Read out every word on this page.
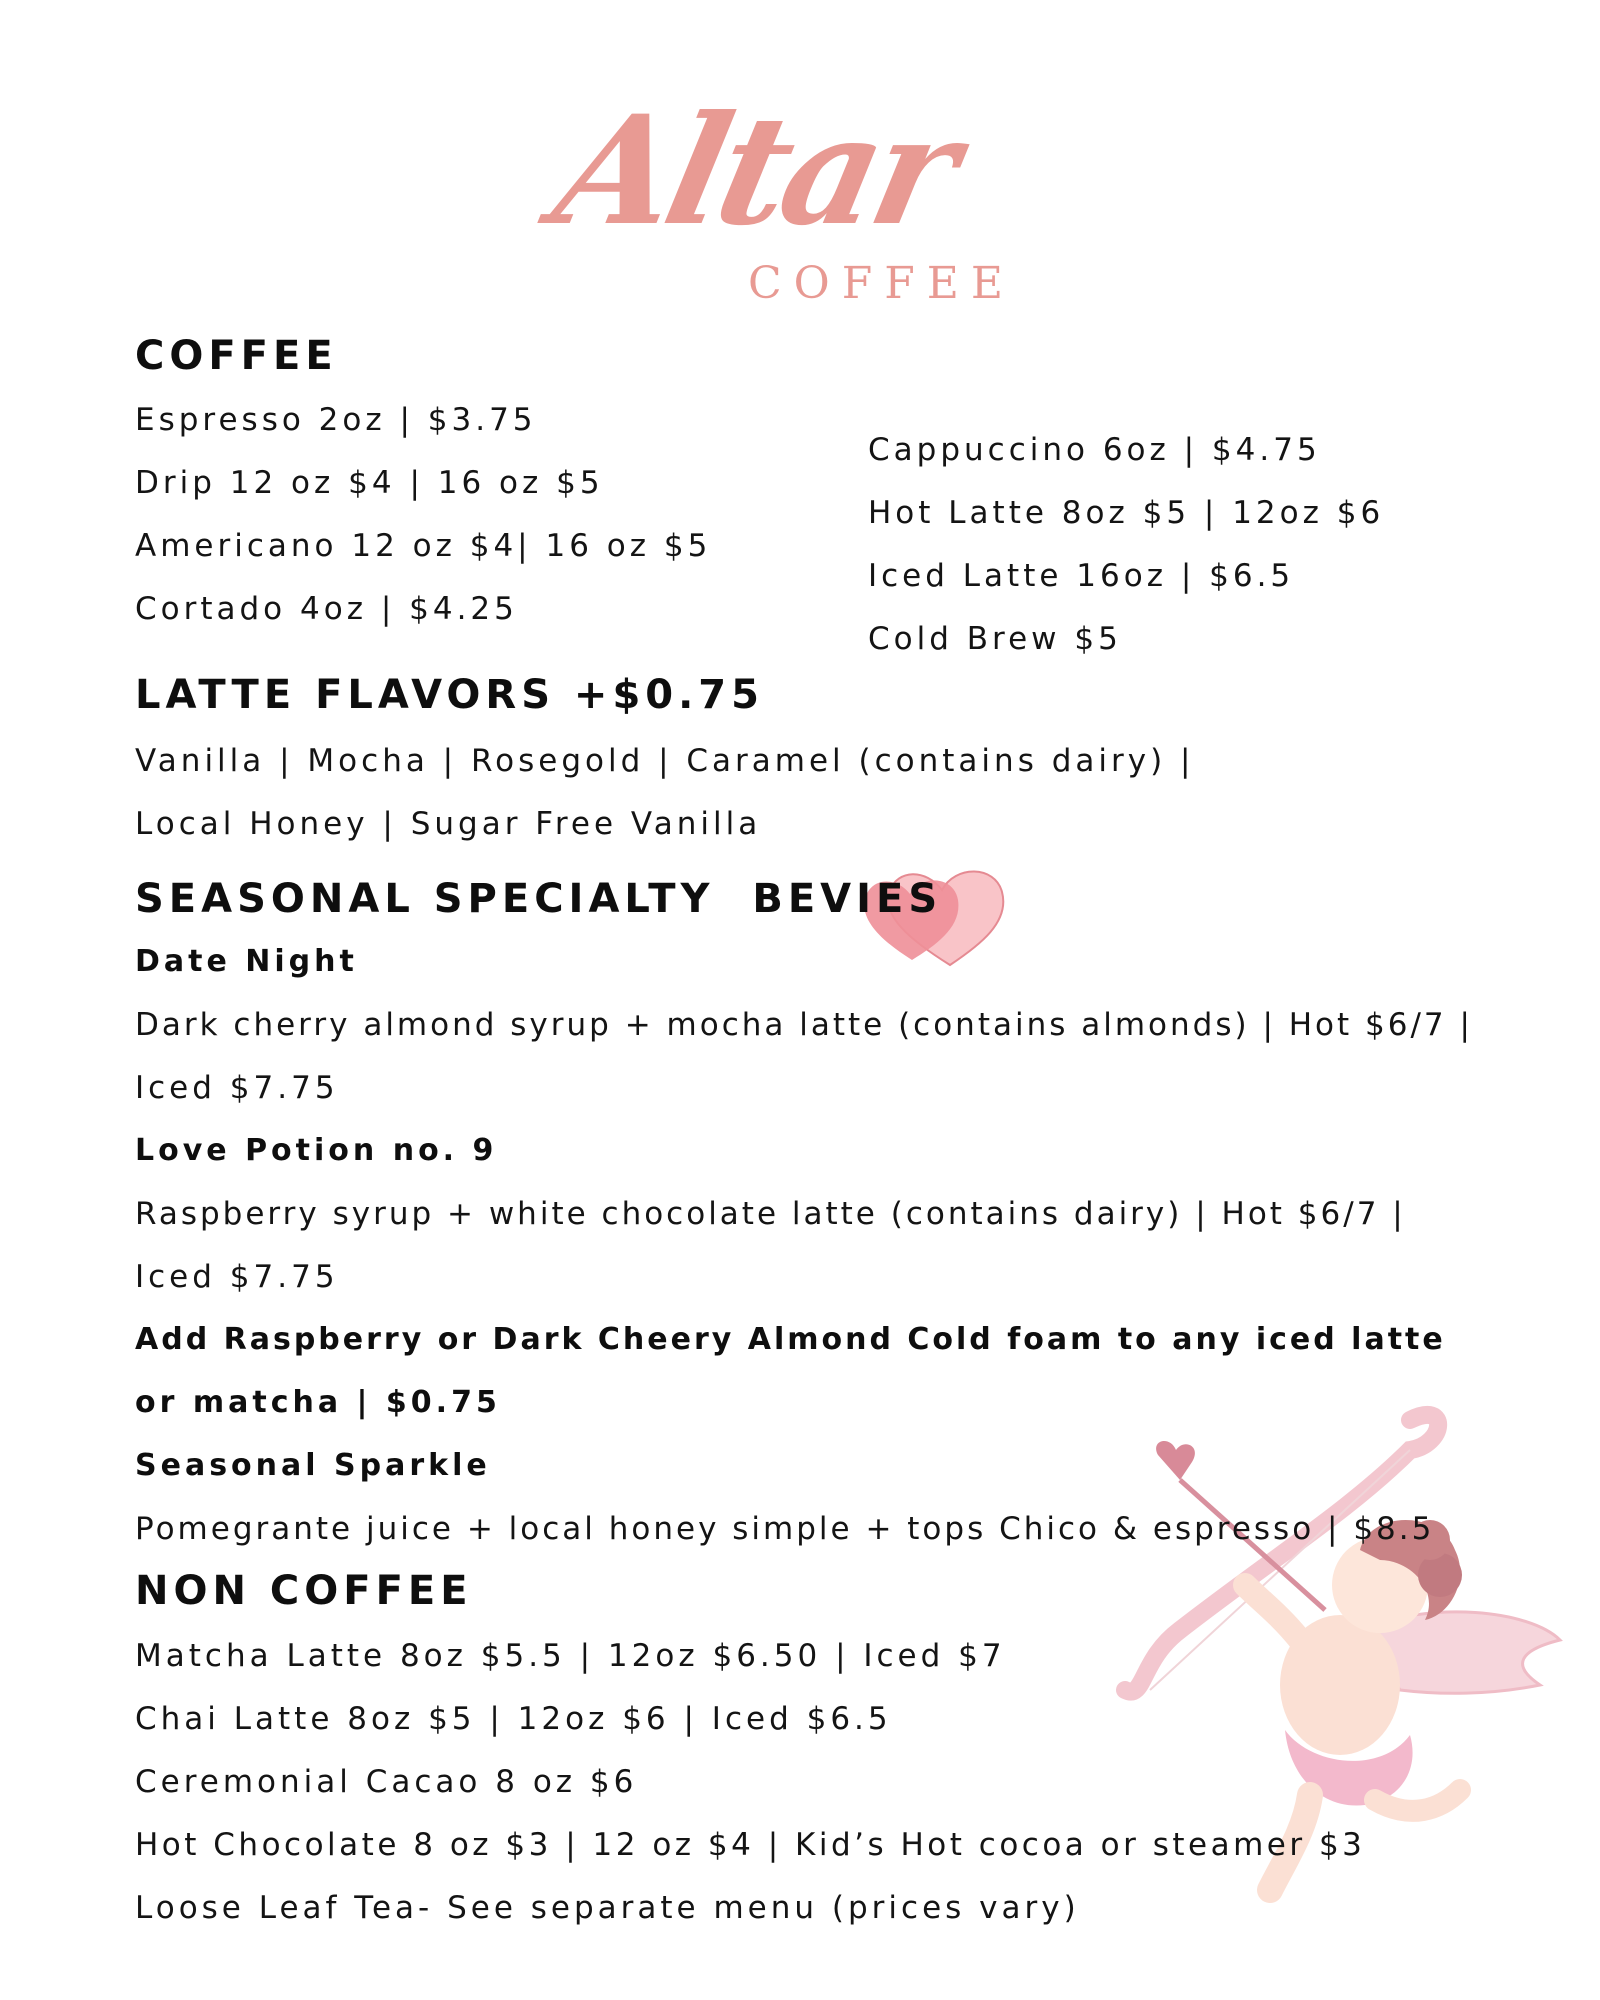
Altar
COFFEE
COFFEE

Espresso 2oz | $3.75

Drip 12 oz $4 | 16 oz $5

Americano 12 oz $4| 16 oz $5

Cortado 4oz | $4.25

Cappuccino 6oz | $4.75

Hot Latte 8oz $5 | 12oz $6

Iced Latte 16oz | $6.5

Cold Brew $5

LATTE FLAVORS +$0.75

Vanilla | Mocha | Rosegold | Caramel (contains dairy) |

Local Honey | Sugar Free Vanilla

SEASONAL SPECIALTY  BEVIES

Date Night

Dark cherry almond syrup + mocha latte (contains almonds) | Hot $6/7 |

Iced $7.75

Love Potion no. 9

Raspberry syrup + white chocolate latte (contains dairy) | Hot $6/7 |

Iced $7.75

Add Raspberry or Dark Cheery Almond Cold foam to any iced latte

or matcha | $0.75

Seasonal Sparkle

Pomegrante juice + local honey simple + tops Chico & espresso | $8.5

NON COFFEE

Matcha Latte 8oz $5.5 | 12oz $6.50 | Iced $7

Chai Latte 8oz $5 | 12oz $6 | Iced $6.5

Ceremonial Cacao 8 oz $6

Hot Chocolate 8 oz $3 | 12 oz $4 | Kid’s Hot cocoa or steamer $3

Loose Leaf Tea- See separate menu (prices vary)
